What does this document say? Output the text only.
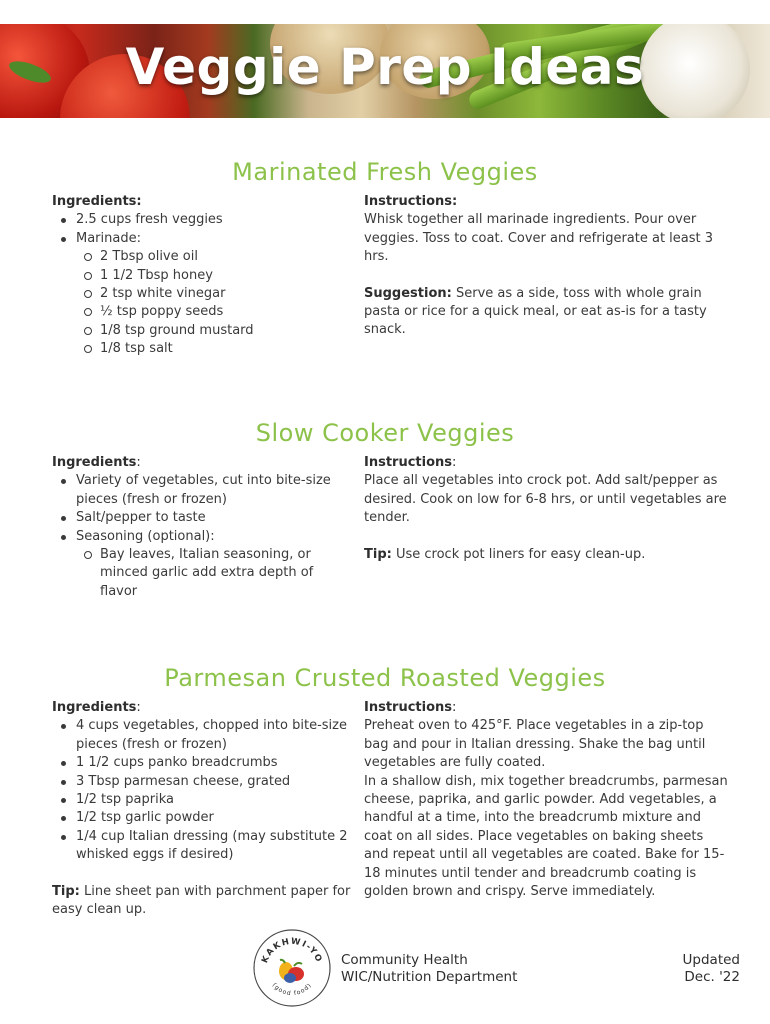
Veggie Prep Ideas
Marinated Fresh Veggies
Ingredients:
2.5 cups fresh veggies
Marinade:
2 Tbsp olive oil
1 1/2 Tbsp honey
2 tsp white vinegar
½ tsp poppy seeds
1/8 tsp ground mustard
1/8 tsp salt
Instructions:

Whisk together all marinade ingredients. Pour over veggies. Toss to coat. Cover and refrigerate at least 3 hrs.

Suggestion: Serve as a side, toss with whole grain pasta or rice for a quick meal, or eat as-is for a tasty snack.

Slow Cooker Veggies
Ingredients:
Variety of vegetables, cut into bite-size pieces (fresh or frozen)
Salt/pepper to taste
Seasoning (optional):
Bay leaves, Italian seasoning, or minced garlic add extra depth of flavor
Instructions:

Place all vegetables into crock pot. Add salt/pepper as desired. Cook on low for 6-8 hrs, or until vegetables are tender.

Tip: Use crock pot liners for easy clean-up.

Parmesan Crusted Roasted Veggies
Ingredients:
4 cups vegetables, chopped into bite-size pieces (fresh or frozen)
1 1/2 cups panko breadcrumbs
3 Tbsp parmesan cheese, grated
1/2 tsp paprika
1/2 tsp garlic powder
1/4 cup Italian dressing (may substitute 2 whisked eggs if desired)

Tip: Line sheet pan with parchment paper for easy clean up.

Instructions:

Preheat oven to 425°F. Place vegetables in a zip-top bag and pour in Italian dressing. Shake the bag until vegetables are fully coated.

In a shallow dish, mix together breadcrumbs, parmesan cheese, paprika, and garlic powder. Add vegetables, a handful at a time, into the breadcrumb mixture and coat on all sides. Place vegetables on baking sheets and repeat until all vegetables are coated. Bake for 15-18 minutes until tender and breadcrumb coating is golden brown and crispy. Serve immediately.

KAKHWI-YO
(good food)
Community Health
WIC/Nutrition Department
Updated
Dec. '22
